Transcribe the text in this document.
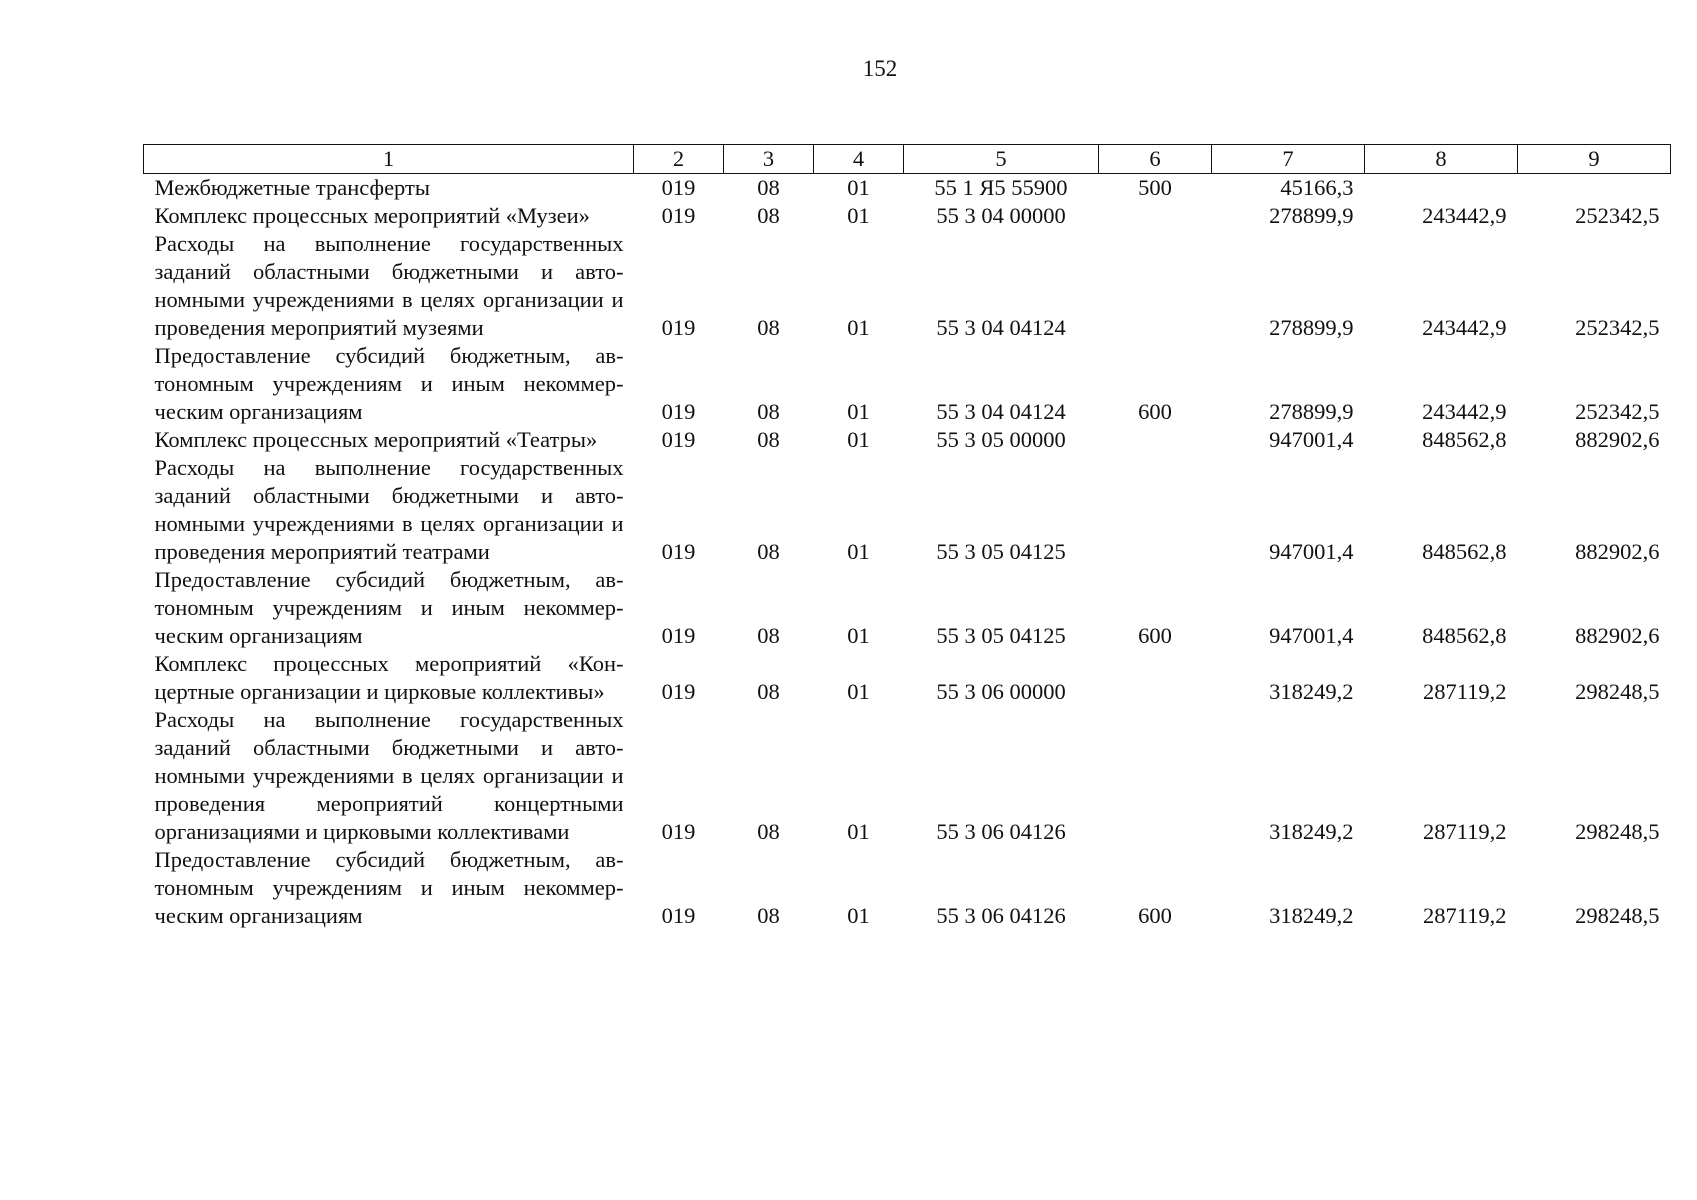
152
1	2	3	4	5	6	7	8	9
Межбюджетные трансферты	019	08	01	55 1 Я5 55900	500	45166,3		
Комплекс процессных мероприятий «Музеи»	019	08	01	55 3 04 00000		278899,9	243442,9	252342,5
Расходы на выполнение государственных заданий областными бюджетными и автономными учреждениями в целях организации и проведения мероприятий музеями	019	08	01	55 3 04 04124		278899,9	243442,9	252342,5
Предоставление субсидий бюджетным, автономным учреждениям и иным некоммерческим организациям	019	08	01	55 3 04 04124	600	278899,9	243442,9	252342,5
Комплекс процессных мероприятий «Театры»	019	08	01	55 3 05 00000		947001,4	848562,8	882902,6
Расходы на выполнение государственных заданий областными бюджетными и автономными учреждениями в целях организации и проведения мероприятий театрами	019	08	01	55 3 05 04125		947001,4	848562,8	882902,6
Предоставление субсидий бюджетным, автономным учреждениям и иным некоммерческим организациям	019	08	01	55 3 05 04125	600	947001,4	848562,8	882902,6
Комплекс процессных мероприятий «Концертные организации и цирковые коллективы»	019	08	01	55 3 06 00000		318249,2	287119,2	298248,5
Расходы на выполнение государственных заданий областными бюджетными и автономными учреждениями в целях организации и проведения мероприятий концертными организациями и цирковыми коллективами	019	08	01	55 3 06 04126		318249,2	287119,2	298248,5
Предоставление субсидий бюджетным, автономным учреждениям и иным некоммерческим организациям	019	08	01	55 3 06 04126	600	318249,2	287119,2	298248,5
